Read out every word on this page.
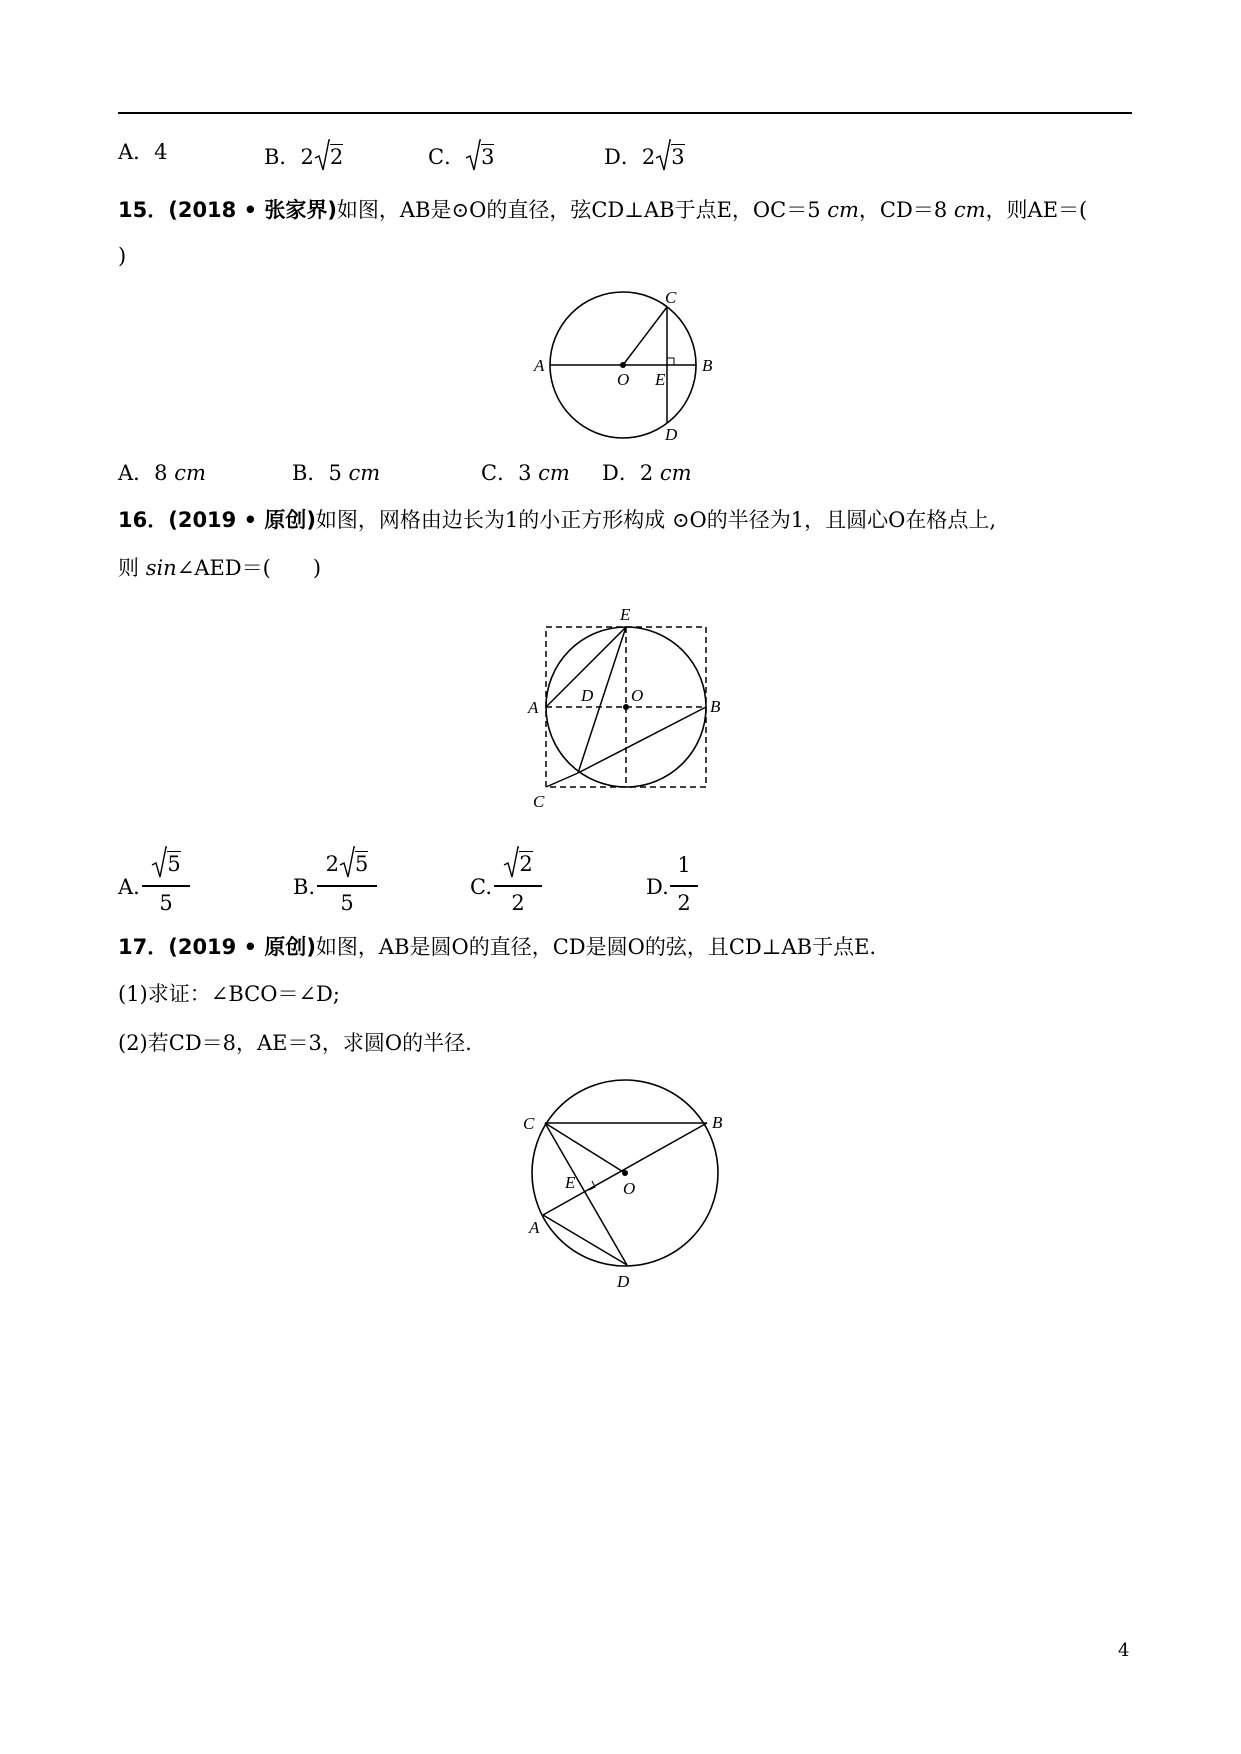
A．4	B．2 2	C． 3	D．2 3
15．(2018 • 张家界)如图，AB是⊙O的直径，弦CD⊥AB于点E，OC＝5 cm，CD＝8 cm，则AE＝(
)
A	B
C
D
O E
A．8 cm	B．5 cm	C．3 cm D．2 cm
16．(2019 • 原创)如图，网格由边长为1的小正方形构成 ⊙O的半径为1，且圆心O在格点上,
则 sin∠AED＝(　　)
E
A	B
C
D O
A.
5
5
B.
2 5
5
C.
2
2
D.
1
2
17．(2019 • 原创)如图，AB是圆O的直径，CD是圆O的弦，且CD⊥AB于点E.
(1)求证：∠BCO＝∠D;
(2)若CD＝8，AE＝3，求圆O的半径.
C	B
E	O
A
D
4
